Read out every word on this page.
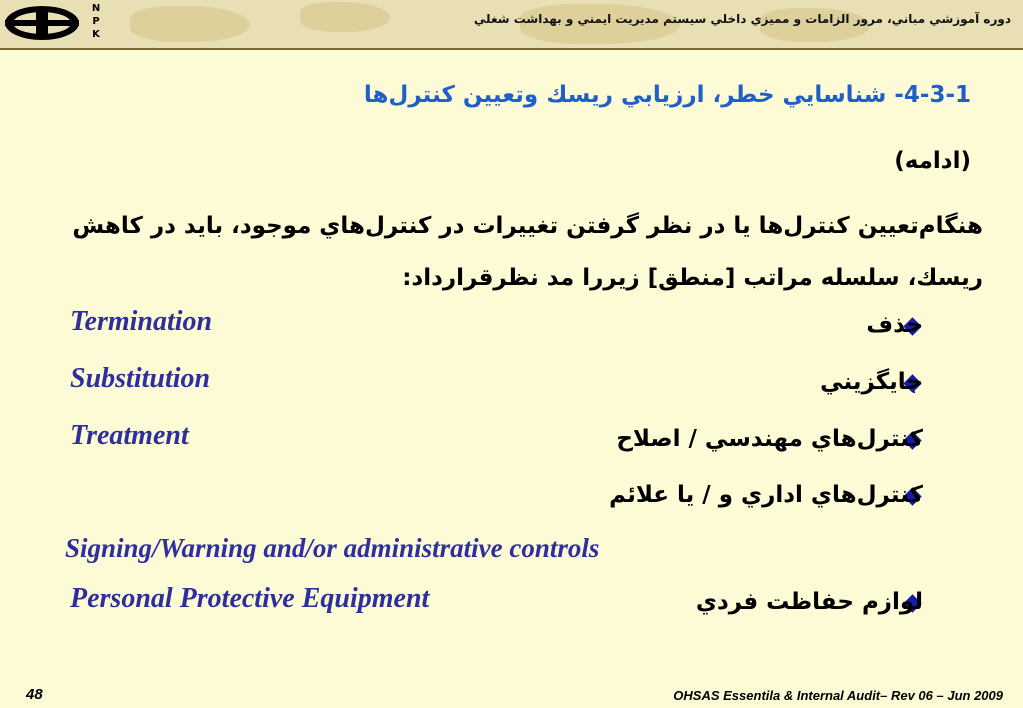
N
P
K
دوره آموزشي مباني، مرور الزامات و مميزي داخلي سيستم مديريت ايمني و بهداشت شغلي
4-3-1- شناسايي خطر، ارزيابي ريسك وتعيين كنترل‌ها
(ادامه)
هنگام‌تعيين كنترل‌ها يا در نظر گرفتن تغييرات در كنترل‌هاي موجود، بايد در كاهش ريسك، سلسله مراتب [منطق] زيررا مد نظرقرارداد:
حذف
Termination
جايگزيني
Substitution
كنترل‌هاي مهندسي / اصلاح
Treatment
كنترل‌هاي اداري و / يا علائم
Signing/Warning and/or administrative controls
لوازم حفاظت فردي
Personal Protective Equipment
48	OHSAS Essentila & Internal Audit– Rev 06 – Jun 2009
